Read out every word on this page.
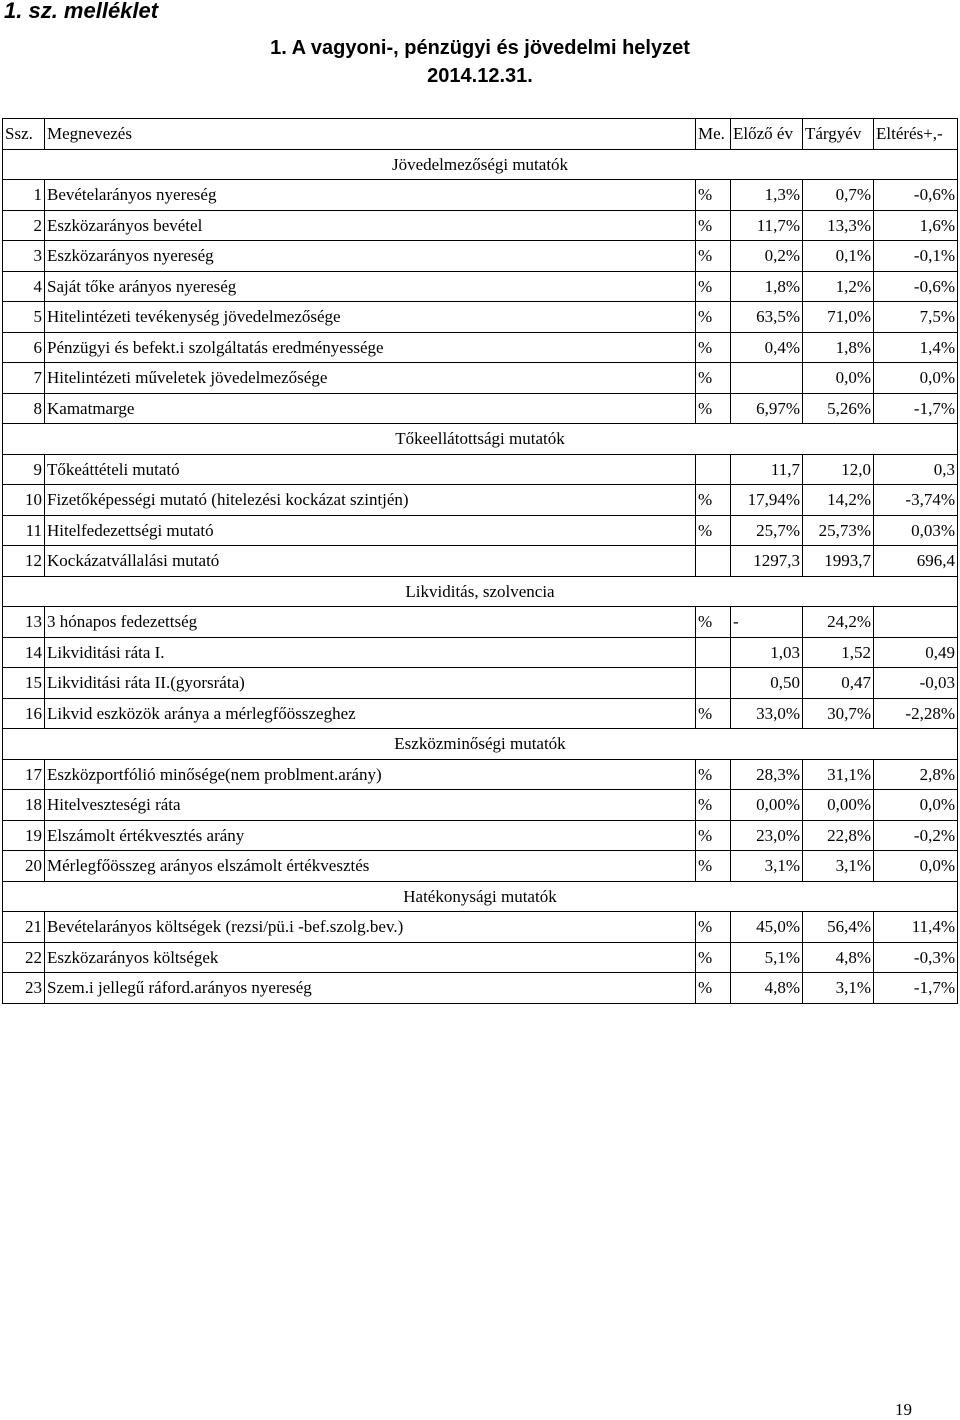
1. sz. melléklet
1. A vagyoni-, pénzügyi és jövedelmi helyzet
2014.12.31.
Ssz.	Megnevezés	Me.	Előző év	Tárgyév	Eltérés+,-
Jövedelmezőségi mutatók					
1	Bevételarányos nyereség	%	1,3%	0,7%	-0,6%
2	Eszközarányos bevétel	%	11,7%	13,3%	1,6%
3	Eszközarányos nyereség	%	0,2%	0,1%	-0,1%
4	Saját tőke arányos nyereség	%	1,8%	1,2%	-0,6%
5	Hitelintézeti tevékenység jövedelmezősége	%	63,5%	71,0%	7,5%
6	Pénzügyi és befekt.i szolgáltatás eredményessége	%	0,4%	1,8%	1,4%
7	Hitelintézeti műveletek jövedelmezősége	%		0,0%	0,0%
8	Kamatmarge	%	6,97%	5,26%	-1,7%
Tőkeellátottsági mutatók					
9	Tőkeáttételi mutató		11,7	12,0	0,3
10	Fizetőképességi mutató (hitelezési kockázat szintjén)	%	17,94%	14,2%	-3,74%
11	Hitelfedezettségi mutató	%	25,7%	25,73%	0,03%
12	Kockázatvállalási mutató		1297,3	1993,7	696,4
Likviditás, szolvencia					
13	3 hónapos fedezettség	%	-	24,2%	
14	Likviditási ráta I.		1,03	1,52	0,49
15	Likviditási ráta II.(gyorsráta)		0,50	0,47	-0,03
16	Likvid eszközök aránya a mérlegfőösszeghez	%	33,0%	30,7%	-2,28%
Eszközminőségi mutatók					
17	Eszközportfólió minősége(nem problment.arány)	%	28,3%	31,1%	2,8%
18	Hitelveszteségi ráta	%	0,00%	0,00%	0,0%
19	Elszámolt értékvesztés arány	%	23,0%	22,8%	-0,2%
20	Mérlegfőösszeg arányos elszámolt értékvesztés	%	3,1%	3,1%	0,0%
Hatékonysági mutatók					
21	Bevételarányos költségek (rezsi/pü.i -bef.szolg.bev.)	%	45,0%	56,4%	11,4%
22	Eszközarányos költségek	%	5,1%	4,8%	-0,3%
23	Szem.i jellegű ráford.arányos nyereség	%	4,8%	3,1%	-1,7%
19
